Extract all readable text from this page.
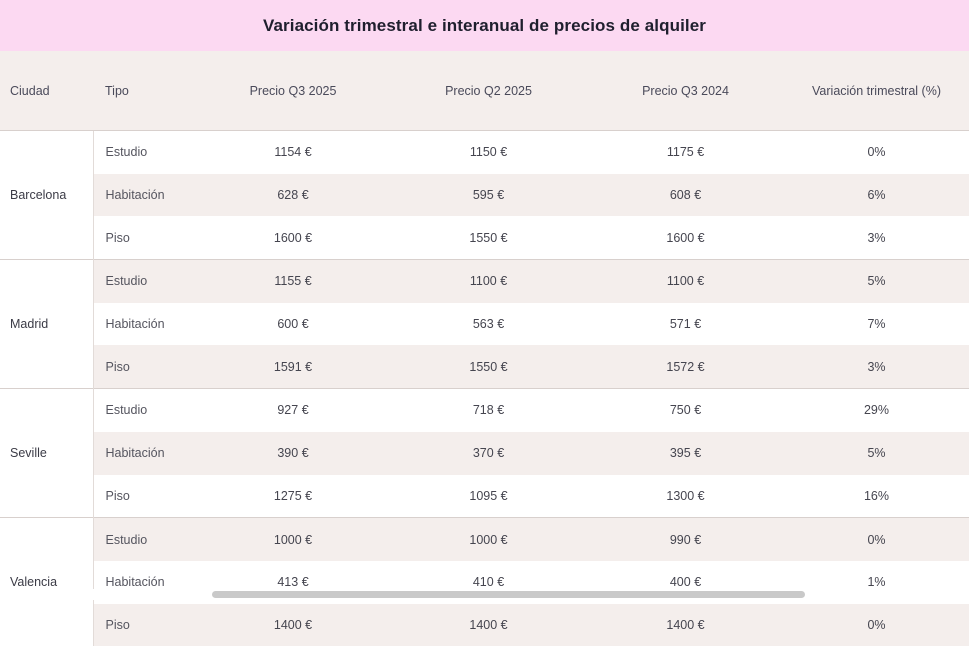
Variación trimestral e interanual de precios de alquiler
Ciudad	Tipo	Precio Q3 2025	Precio Q2 2025	Precio Q3 2024	Variación trimestral (%)
	Estudio	1154 €	1150 €	1175 €	0%
Barcelona	Habitación	628 €	595 €	608 €	6%
	Piso	1600 €	1550 €	1600 €	3%
	Estudio	1155 €	1100 €	1100 €	5%
Madrid	Habitación	600 €	563 €	571 €	7%
	Piso	1591 €	1550 €	1572 €	3%
	Estudio	927 €	718 €	750 €	29%
Seville	Habitación	390 €	370 €	395 €	5%
	Piso	1275 €	1095 €	1300 €	16%
	Estudio	1000 €	1000 €	990 €	0%
Valencia	Habitación	413 €	410 €	400 €	1%
	Piso	1400 €	1400 €	1400 €	0%
